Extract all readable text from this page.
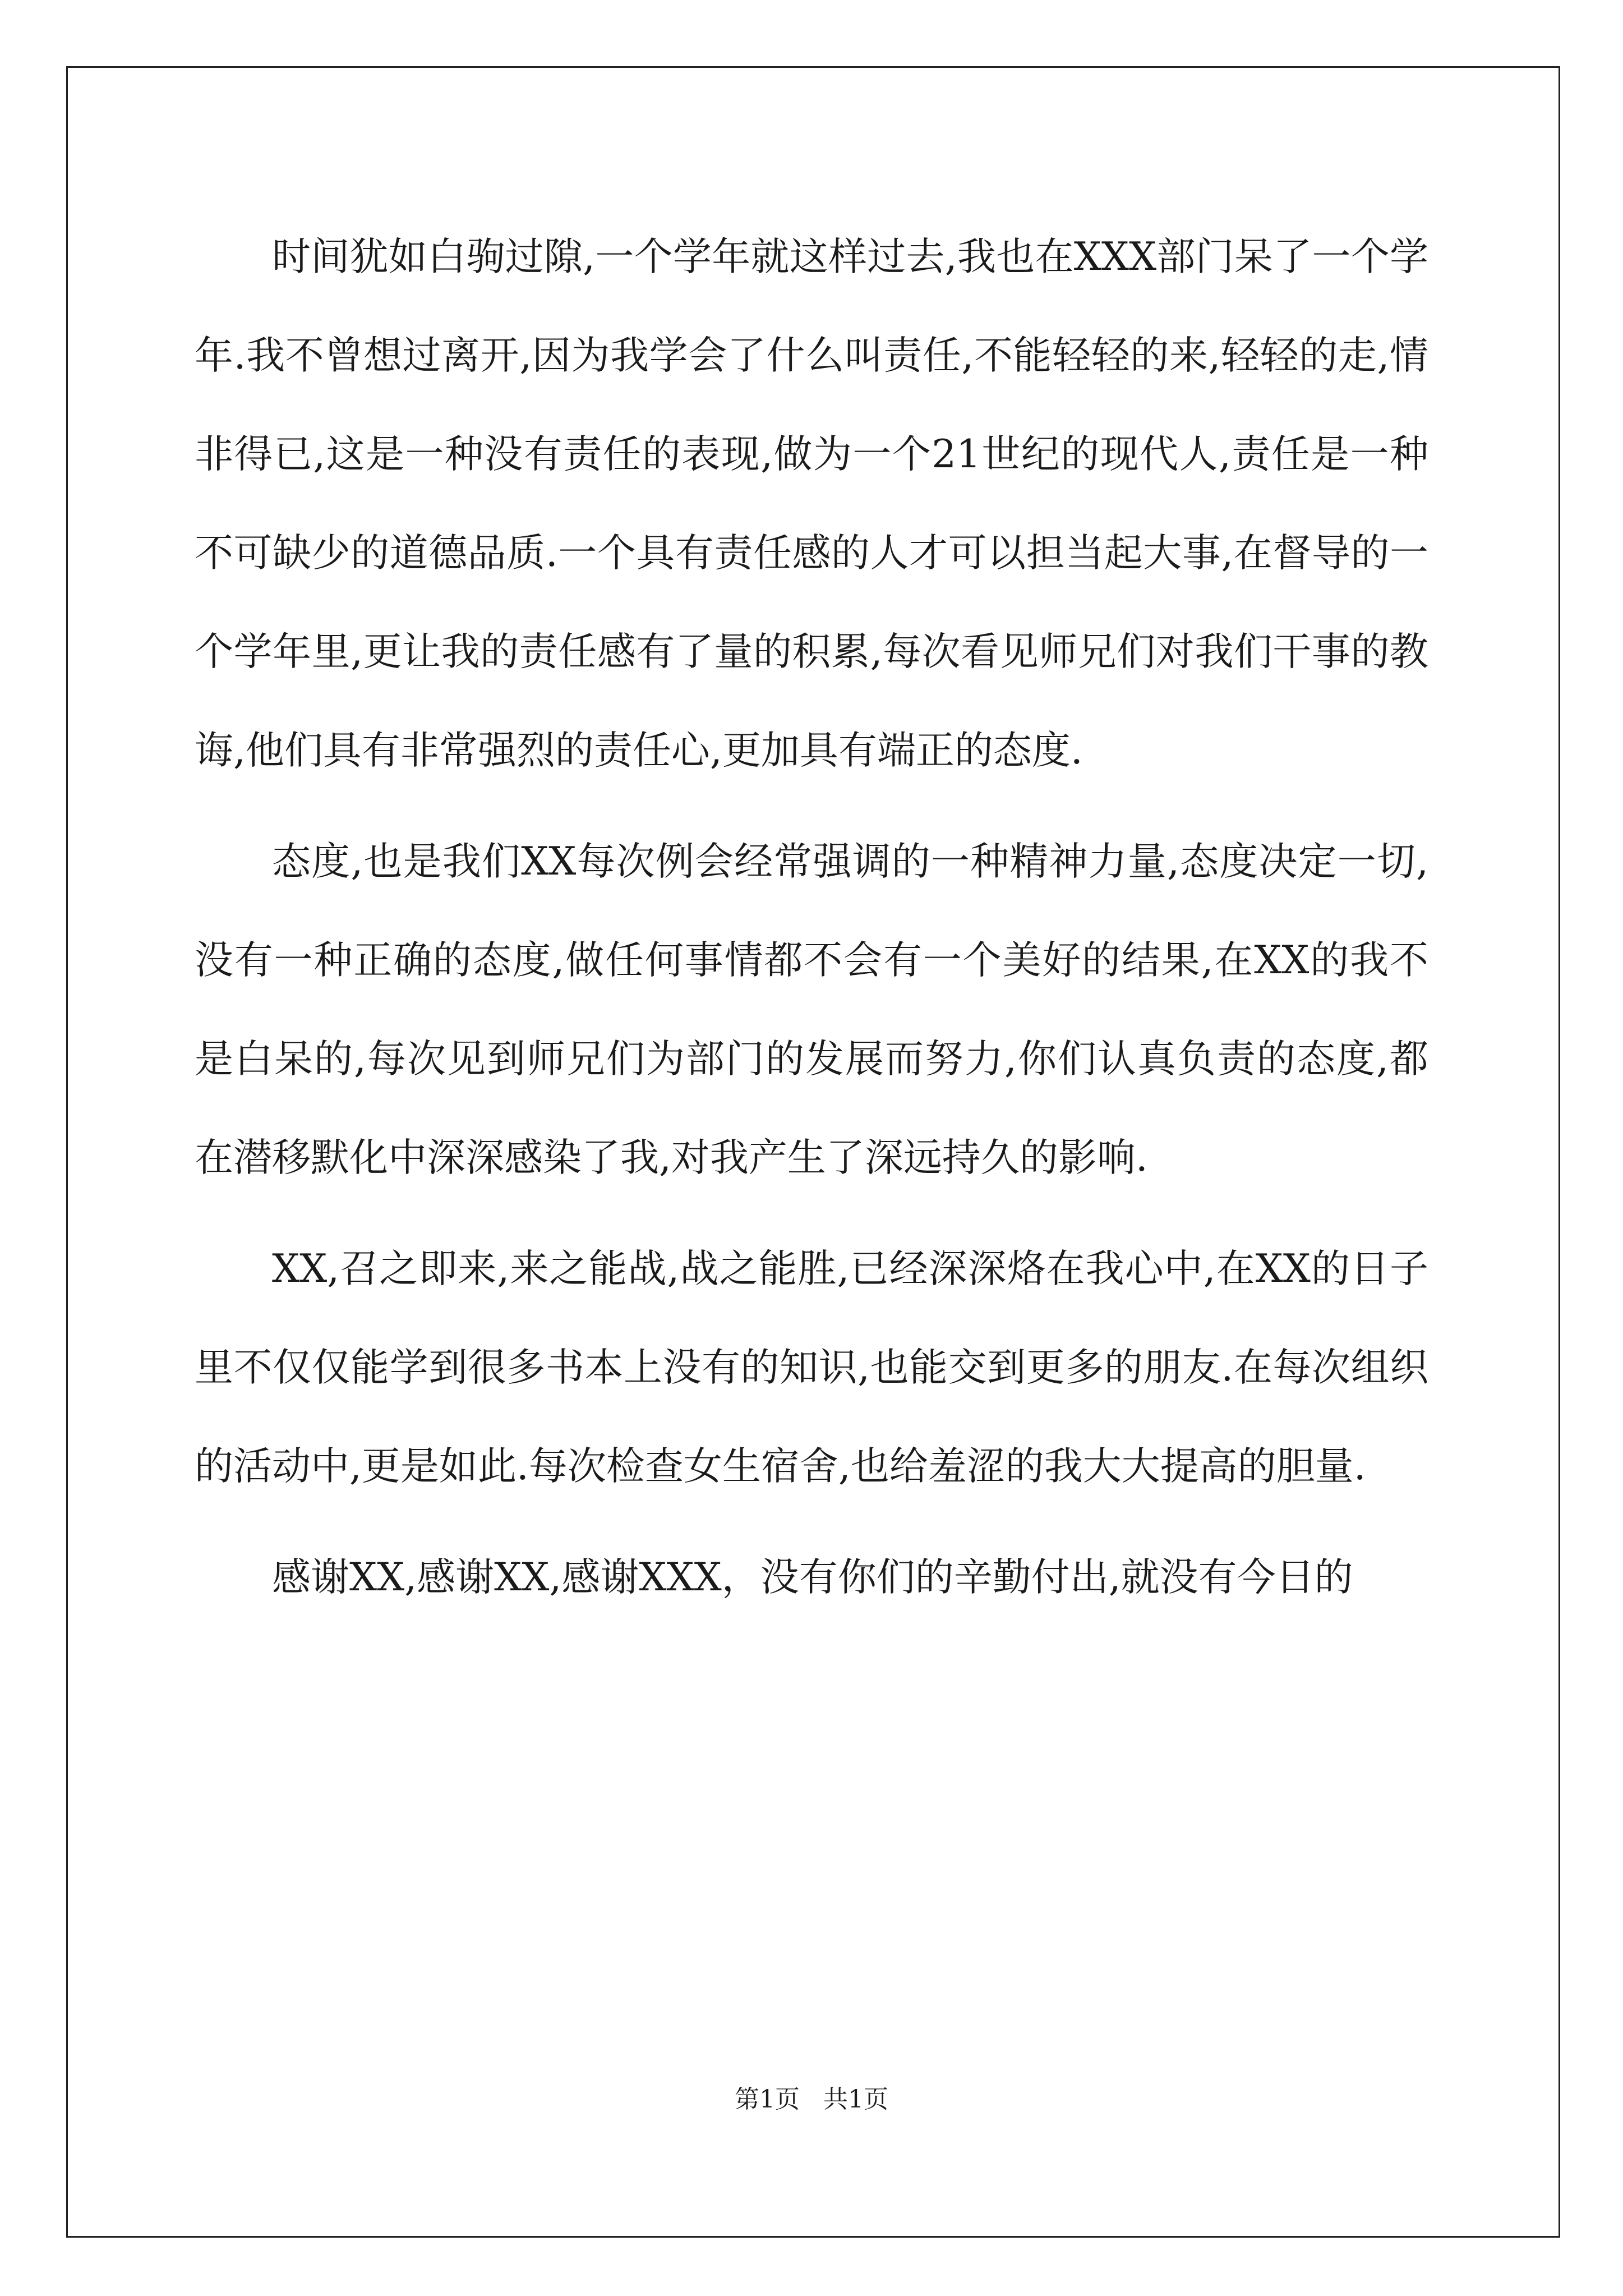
时间犹如白驹过隙,一个学年就这样过去,我也在XXX部门呆了一个学年.我不曾想过离开,因为我学会了什么叫责任,不能轻轻的来,轻轻的走,情非得已,这是一种没有责任的表现,做为一个21世纪的现代人,责任是一种不可缺少的道德品质.一个具有责任感的人才可以担当起大事,在督导的一个学年里,更让我的责任感有了量的积累,每次看见师兄们对我们干事的教诲,他们具有非常强烈的责任心,更加具有端正的态度.

态度,也是我们XX每次例会经常强调的一种精神力量,态度决定一切,没有一种正确的态度,做任何事情都不会有一个美好的结果,在XX的我不是白呆的,每次见到师兄们为部门的发展而努力,你们认真负责的态度,都在潜移默化中深深感染了我,对我产生了深远持久的影响.

XX,召之即来,来之能战,战之能胜,已经深深烙在我心中,在XX的日子里不仅仅能学到很多书本上没有的知识,也能交到更多的朋友.在每次组织的活动中,更是如此.每次检查女生宿舍,也给羞涩的我大大提高的胆量.

感谢XX,感谢XX,感谢XXX，没有你们的辛勤付出,就没有今日的

第1页   共1页
